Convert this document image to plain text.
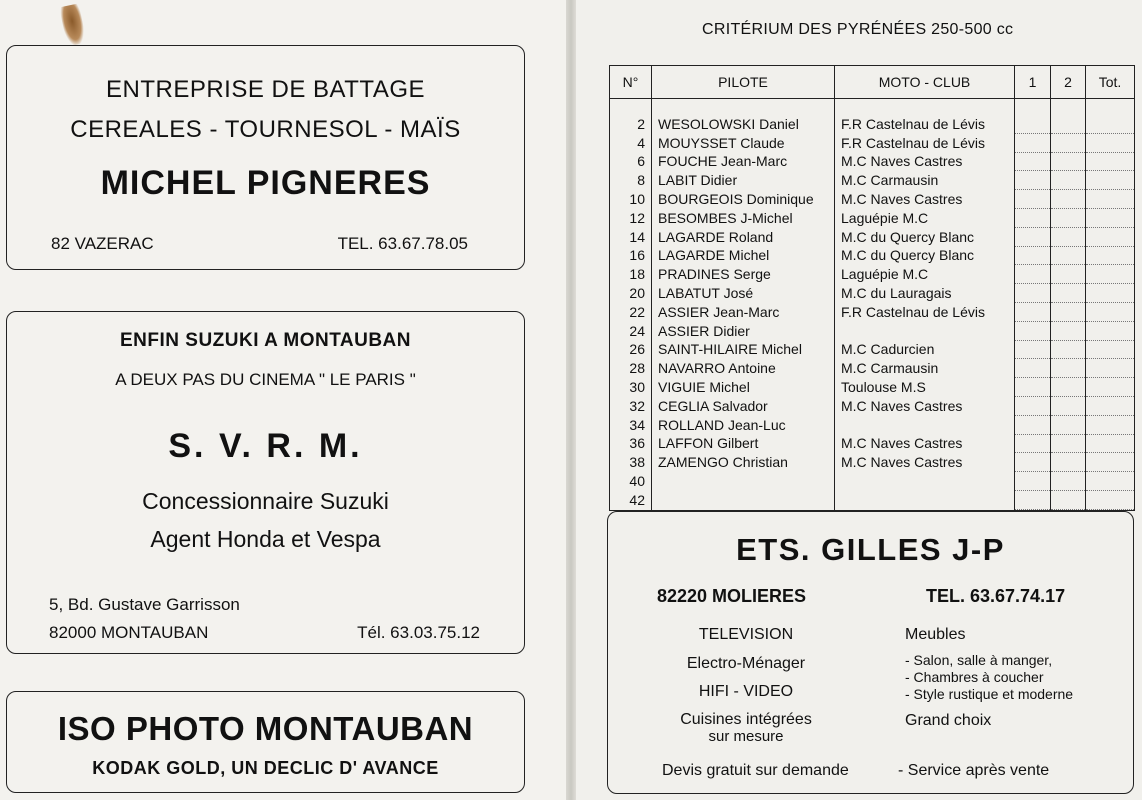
ENTREPRISE DE BATTAGE
CEREALES - TOURNESOL - MAÏS
MICHEL PIGNERES
82 VAZERAC	TEL. 63.67.78.05
ENFIN SUZUKI A MONTAUBAN
A DEUX PAS DU CINEMA " LE PARIS "
S. V. R. M.
Concessionnaire Suzuki
Agent Honda et Vespa
5, Bd. Gustave Garrisson
82000 MONTAUBAN	Tél. 63.03.75.12
ISO PHOTO MONTAUBAN
KODAK GOLD, UN DECLIC D' AVANCE
CRITÉRIUM DES PYRÉNÉES 250-500 cc
N°	PILOTE	MOTO - CLUB	1	2	Tot.

2	WESOLOWSKI Daniel	F.R Castelnau de Lévis			
4	MOUYSSET Claude	F.R Castelnau de Lévis			
6	FOUCHE Jean-Marc	M.C Naves Castres			
8	LABIT Didier	M.C Carmausin			
10	BOURGEOIS Dominique	M.C Naves Castres			
12	BESOMBES J-Michel	Laguépie M.C			
14	LAGARDE Roland	M.C du Quercy Blanc			
16	LAGARDE Michel	M.C du Quercy Blanc			
18	PRADINES Serge	Laguépie M.C			
20	LABATUT José	M.C du Lauragais			
22	ASSIER Jean-Marc	F.R Castelnau de Lévis			
24	ASSIER Didier				
26	SAINT-HILAIRE Michel	M.C Cadurcien			
28	NAVARRO Antoine	M.C Carmausin			
30	VIGUIE Michel	Toulouse M.S			
32	CEGLIA Salvador	M.C Naves Castres			
34	ROLLAND Jean-Luc				
36	LAFFON Gilbert	M.C Naves Castres			
38	ZAMENGO Christian	M.C Naves Castres			
40					
42					

ETS. GILLES J-P
82220 MOLIERES	TEL. 63.67.74.17
TELEVISION
Electro-Ménager
HIFI - VIDEO
Cuisines intégrées
sur mesure
Meubles
- Salon, salle à manger,
- Chambres à coucher
- Style rustique et moderne
Grand choix
Devis gratuit sur demande	- Service après vente
